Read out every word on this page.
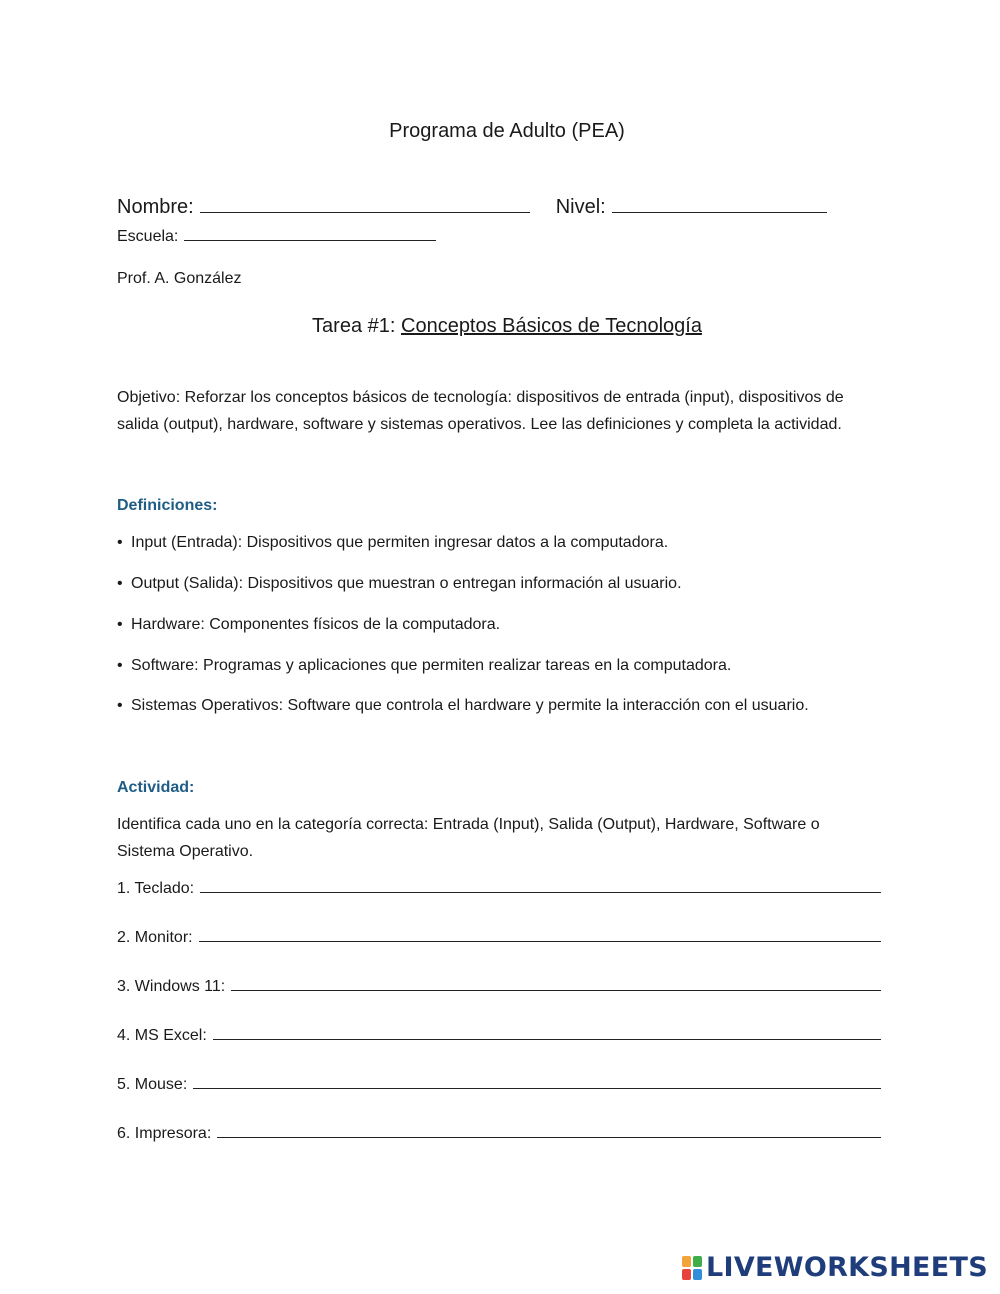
Programa de Adulto (PEA)
Nombre:	Nivel:
Escuela:
Prof. A. González
Tarea #1: Conceptos Básicos de Tecnología
Objetivo: Reforzar los conceptos básicos de tecnología: dispositivos de entrada (input), dispositivos de salida (output), hardware, software y sistemas operativos. Lee las definiciones y completa la actividad.
Definiciones:
• Input (Entrada): Dispositivos que permiten ingresar datos a la computadora.
• Output (Salida): Dispositivos que muestran o entregan información al usuario.
• Hardware: Componentes físicos de la computadora.
• Software: Programas y aplicaciones que permiten realizar tareas en la computadora.
• Sistemas Operativos: Software que controla el hardware y permite la interacción con el usuario.
Actividad:
Identifica cada uno en la categoría correcta: Entrada (Input), Salida (Output), Hardware, Software o Sistema Operativo.
1. Teclado:
2. Monitor:
3. Windows 11:
4. MS Excel:
5. Mouse:
6. Impresora:
LIVEWORKSHEETS
